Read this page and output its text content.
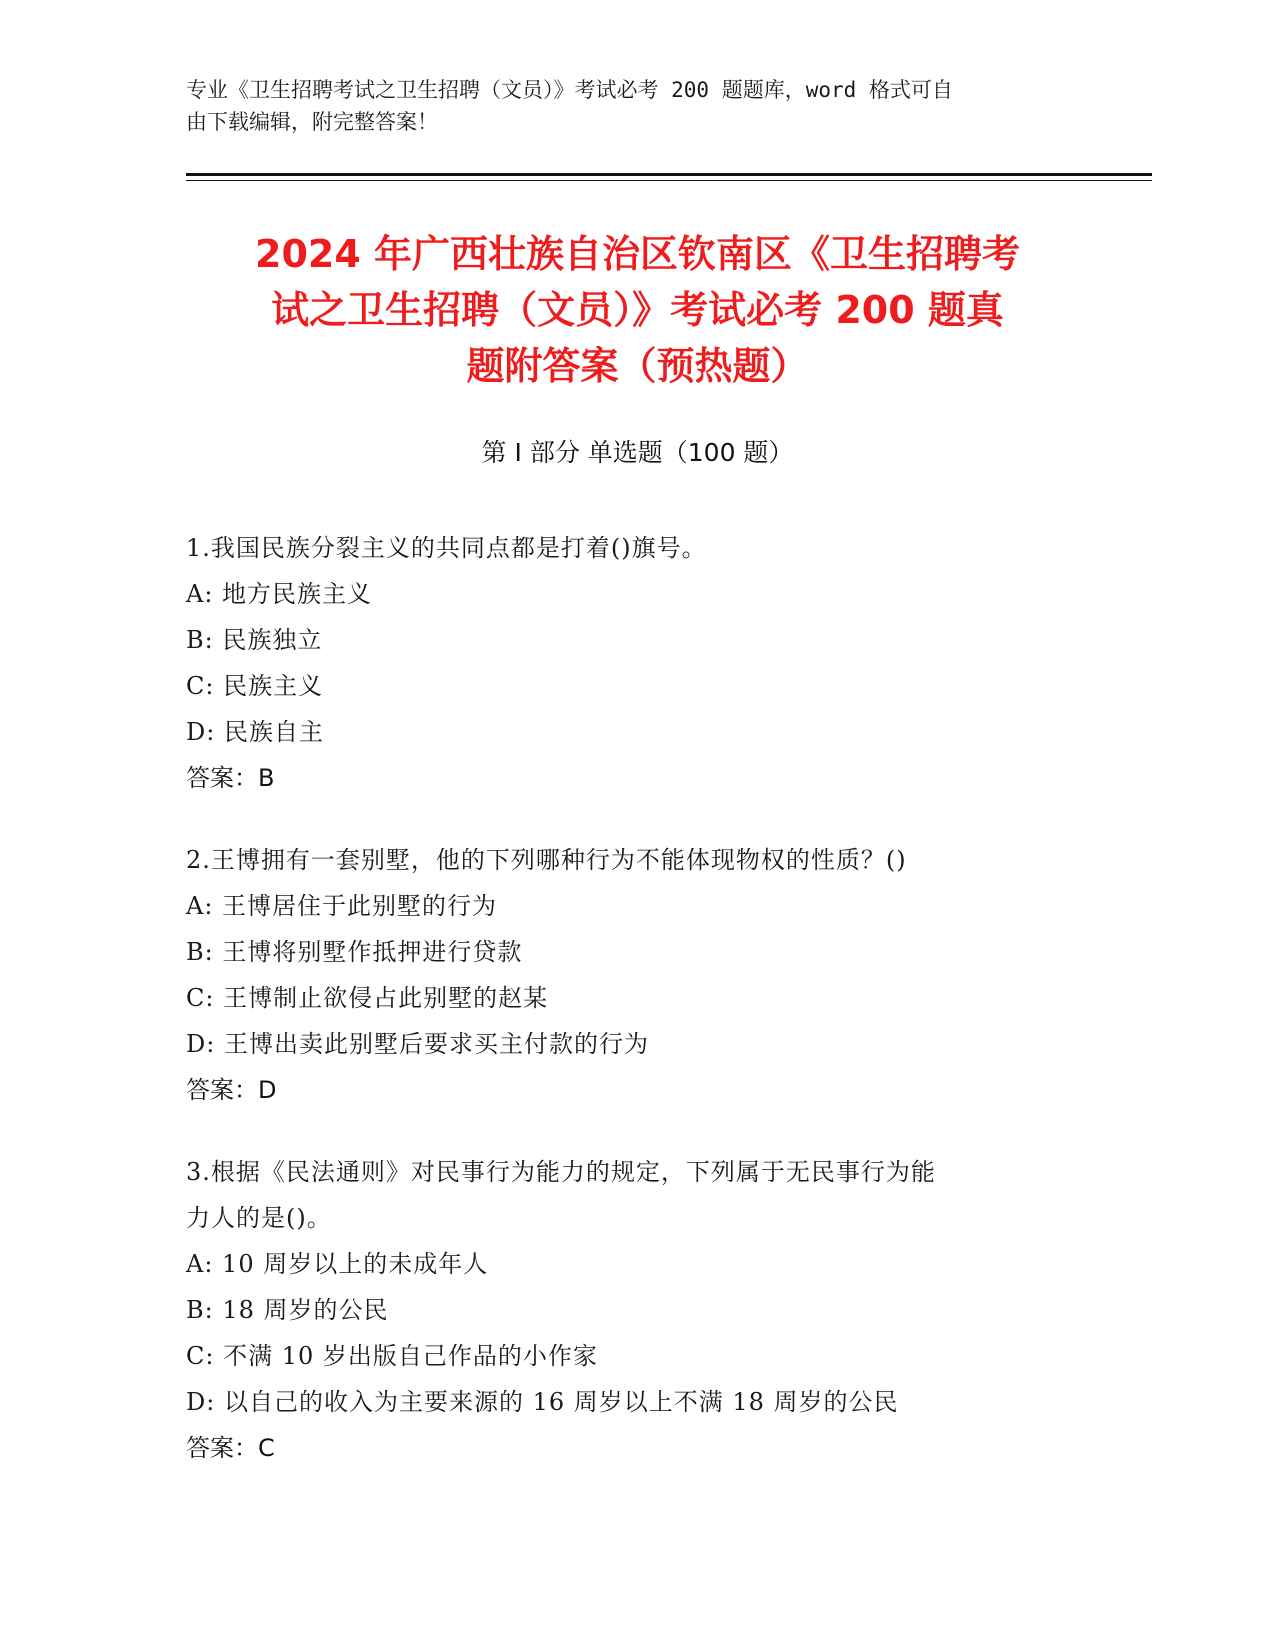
专业《卫生招聘考试之卫生招聘（文员）》考试必考 200 题题库，word 格式可自
由下载编辑，附完整答案！
2024 年广西壮族自治区钦南区《卫生招聘考
试之卫生招聘（文员）》考试必考 200 题真
题附答案（预热题）
第 I 部分 单选题（100 题）
1.我国民族分裂主义的共同点都是打着()旗号。
A: 地方民族主义
B: 民族独立
C: 民族主义
D: 民族自主
答案：B
2.王博拥有一套别墅，他的下列哪种行为不能体现物权的性质？()
A: 王博居住于此别墅的行为
B: 王博将别墅作抵押进行贷款
C: 王博制止欲侵占此别墅的赵某
D: 王博出卖此别墅后要求买主付款的行为
答案：D
3.根据《民法通则》对民事行为能力的规定，下列属于无民事行为能
力人的是()。
A: 10 周岁以上的未成年人
B: 18 周岁的公民
C: 不满 10 岁出版自己作品的小作家
D: 以自己的收入为主要来源的 16 周岁以上不满 18 周岁的公民
答案：C
